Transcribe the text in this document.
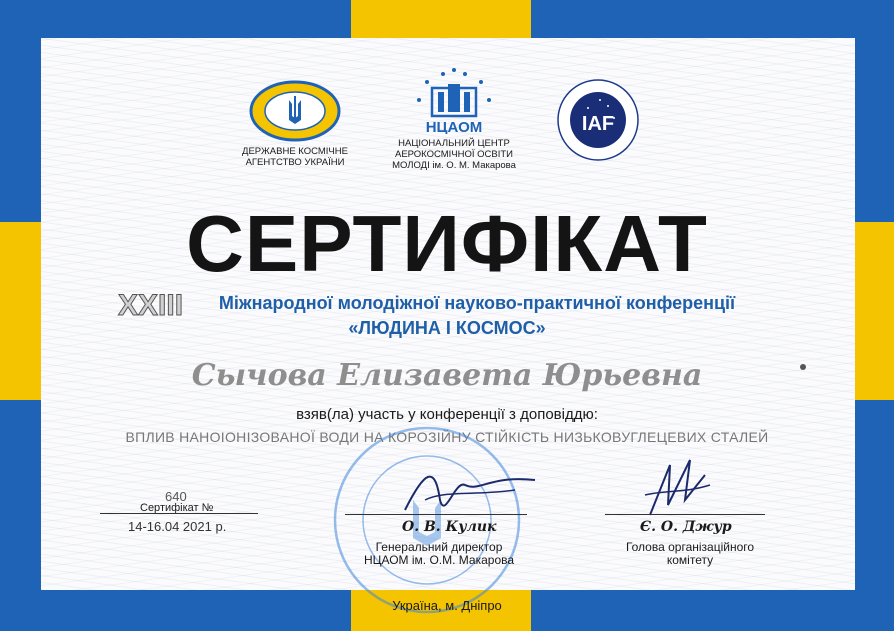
ДЕРЖАВНЕ КОСМІЧНЕ
АГЕНТСТВО УКРАЇНИ
НЦАОМ
НАЦІОНАЛЬНИЙ ЦЕНТР
АЕРОКОСМІЧНОЇ ОСВІТИ
МОЛОДІ ім. О. М. Макарова
IAF
СЕРТИФІКАТ
XXIII	Міжнародної молодіжної науково-практичної конференції
«ЛЮДИНА І КОСМОС»
Сычова Елизавета Юрьевна
взяв(ла) участь у конференції з доповіддю:
ВПЛИВ НАНОІОНІЗОВАНОЇ ВОДИ НА КОРОЗІЙНУ СТІЙКІСТЬ НИЗЬКОВУГЛЕЦЕВИХ СТАЛЕЙ
640
Сертифікат №
14-16.04 2021 р.	О. В. Кулик
Генеральний директор
НЦАОМ ім. О.М. Макарова
Є. О. Джур
Голова організаційного
комітету
Україна, м. Дніпро
